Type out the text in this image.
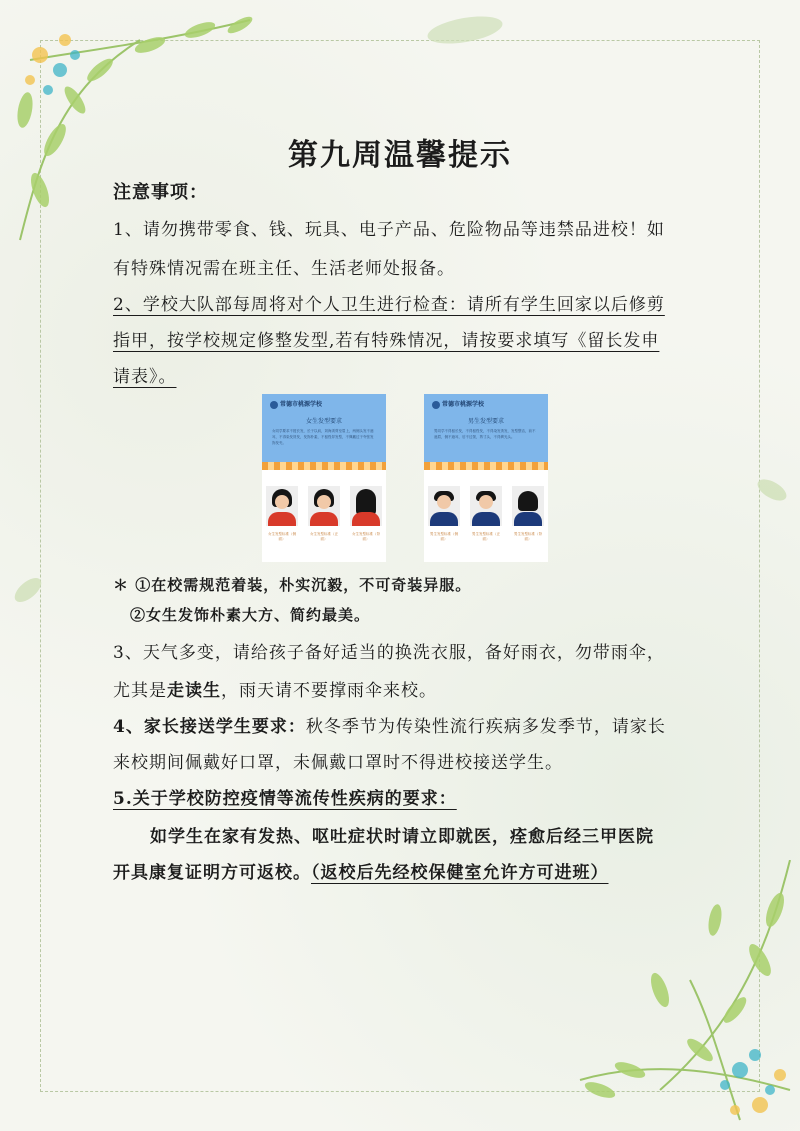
第九周温馨提示
注意事项：
1、请勿携带零食、钱、玩具、电子产品、危险物品等违禁品进校！如
有特殊情况需在班主任、生活老师处报备。
2、学校大队部每周将对个人卫生进行检查：请所有学生回家以后修剪
指甲，按学校规定修整发型,若有特殊情况，请按要求填写《留长发申
请表》。
常德市桃源学校
女生发型要求
女同学要求不披长发，长于以肩，刘海须剪至眉上，两侧头发不遮耳，不得染发烫发，发饰朴素，不留怪异发型，不佩戴过于夸张发饰发夹。
女生发型标准（侧面）
女生发型标准（正面）
女生发型标准（背面）
常德市桃源学校
男生发型要求
男同学不得留长发，不得留怪发，不得染发烫发，发型整洁，前不遮眉，侧不遮耳，后不过领，剪寸头，不得剃光头。
男生发型标准（侧面）
男生发型标准（正面）
男生发型标准（背面）
＊ ①在校需规范着装，朴实沉毅，不可奇装异服。
②女生发饰朴素大方、简约最美。
3、天气多变，请给孩子备好适当的换洗衣服，备好雨衣，勿带雨伞，
尤其是走读生，雨天请不要撑雨伞来校。
4、家长接送学生要求：秋冬季节为传染性流行疾病多发季节，请家长
来校期间佩戴好口罩，未佩戴口罩时不得进校接送学生。
5.关于学校防控疫情等流传性疾病的要求：
如学生在家有发热、呕吐症状时请立即就医，痊愈后经三甲医院
开具康复证明方可返校。（返校后先经校保健室允许方可进班）
